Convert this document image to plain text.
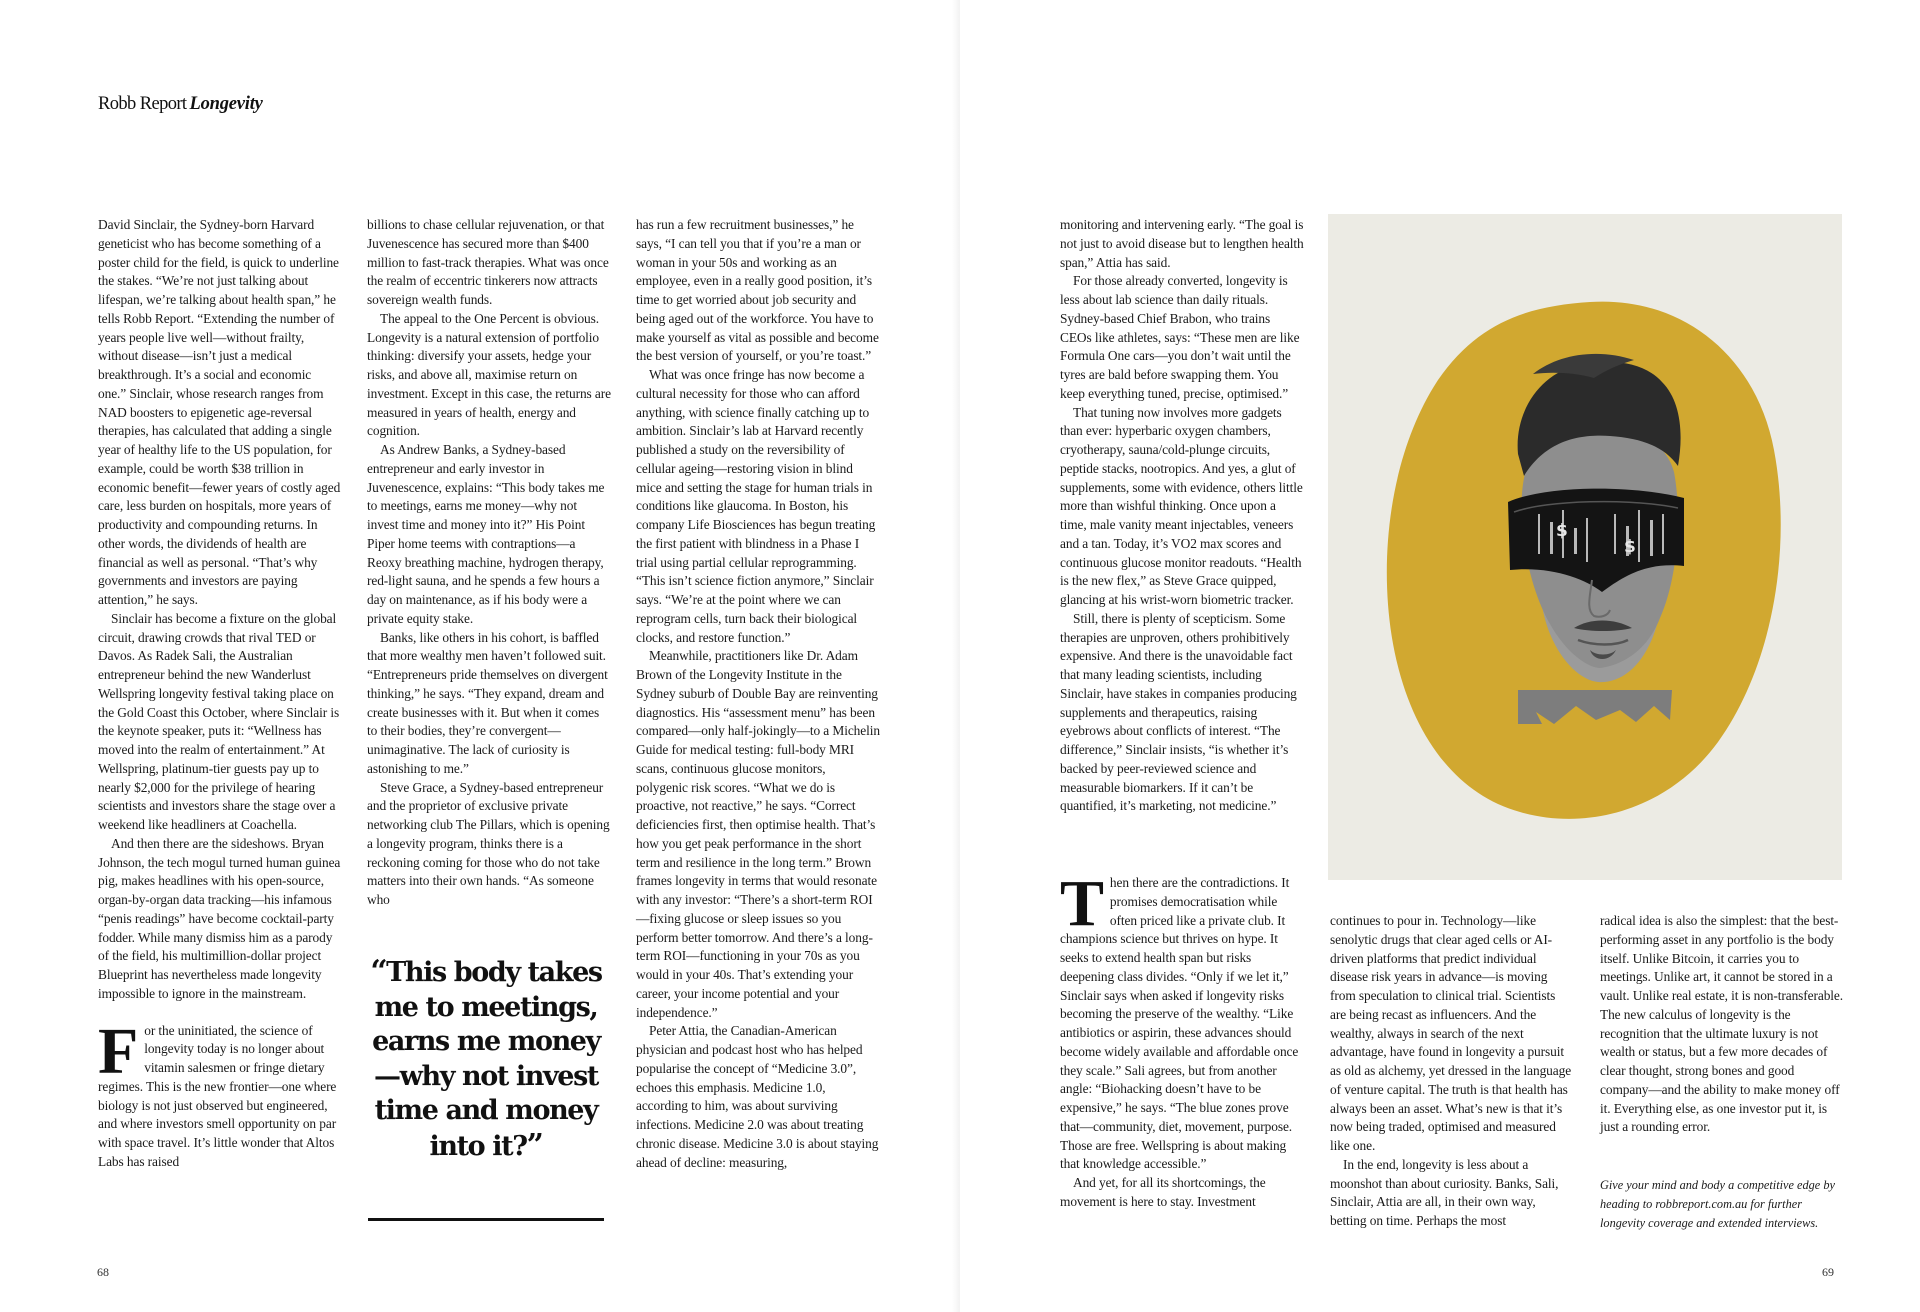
Robb Report Longevity

David Sinclair, the Sydney-born Harvard geneticist who has become something of a poster child for the field, is quick to underline the stakes. “We’re not just talking about lifespan, we’re talking about health span,” he tells Robb Report. “Extending the number of years people live well—without frailty, without disease—isn’t just a medical breakthrough. It’s a social and economic one.” Sinclair, whose research ranges from NAD boosters to epigenetic age-reversal therapies, has calculated that adding a single year of healthy life to the US population, for example, could be worth $38 trillion in economic benefit—fewer years of costly aged care, less burden on hospitals, more years of productivity and compounding returns. In other words, the dividends of health are financial as well as personal. “That’s why governments and investors are paying attention,” he says.

Sinclair has become a fixture on the global circuit, drawing crowds that rival TED or Davos. As Radek Sali, the Australian entrepreneur behind the new Wanderlust Wellspring longevity festival taking place on the Gold Coast this October, where Sinclair is the keynote speaker, puts it: “Wellness has moved into the realm of entertainment.” At Wellspring, platinum-tier guests pay up to nearly $2,000 for the privilege of hearing scientists and investors share the stage over a weekend like headliners at Coachella.

And then there are the sideshows. Bryan Johnson, the tech mogul turned human guinea pig, makes headlines with his open-source, organ-by-organ data tracking—his infamous “penis readings” have become cocktail-party fodder. While many dismiss him as a parody of the field, his multimillion-dollar project Blueprint has nevertheless made longevity impossible to ignore in the mainstream.

For the uninitiated, the science of longevity today is no longer about vitamin salesmen or fringe dietary regimes. This is the new frontier—one where biology is not just observed but engineered, and where investors smell opportunity on par with space travel. It’s little wonder that Altos Labs has raised

billions to chase cellular rejuvenation, or that Juvenescence has secured more than $400 million to fast-track therapies. What was once the realm of eccentric tinkerers now attracts sovereign wealth funds.

The appeal to the One Percent is obvious. Longevity is a natural extension of portfolio thinking: diversify your assets, hedge your risks, and above all, maximise return on investment. Except in this case, the returns are measured in years of health, energy and cognition.

As Andrew Banks, a Sydney-based entrepreneur and early investor in Juvenescence, explains: “This body takes me to meetings, earns me money—why not invest time and money into it?” His Point Piper home teems with contraptions—a Reoxy breathing machine, hydrogen therapy, red-light sauna, and he spends a few hours a day on maintenance, as if his body were a private equity stake.

Banks, like others in his cohort, is baffled that more wealthy men haven’t followed suit. “Entrepreneurs pride themselves on divergent thinking,” he says. “They expand, dream and create businesses with it. But when it comes to their bodies, they’re convergent—unimaginative. The lack of curiosity is astonishing to me.”

Steve Grace, a Sydney-based entrepreneur and the proprietor of exclusive private networking club The Pillars, which is opening a longevity program, thinks there is a reckoning coming for those who do not take matters into their own hands. “As someone who

“This body takes me to meetings, earns me money—why not invest time and money into it?”

has run a few recruitment businesses,” he says, “I can tell you that if you’re a man or woman in your 50s and working as an employee, even in a really good position, it’s time to get worried about job security and being aged out of the workforce. You have to make yourself as vital as possible and become the best version of yourself, or you’re toast.”

What was once fringe has now become a cultural necessity for those who can afford anything, with science finally catching up to ambition. Sinclair’s lab at Harvard recently published a study on the reversibility of cellular ageing—restoring vision in blind mice and setting the stage for human trials in conditions like glaucoma. In Boston, his company Life Biosciences has begun treating the first patient with blindness in a Phase I trial using partial cellular reprogramming. “This isn’t science fiction anymore,” Sinclair says. “We’re at the point where we can reprogram cells, turn back their biological clocks, and restore function.”

Meanwhile, practitioners like Dr. Adam Brown of the Longevity Institute in the Sydney suburb of Double Bay are reinventing diagnostics. His “assessment menu” has been compared—only half-jokingly—to a Michelin Guide for medical testing: full-body MRI scans, continuous glucose monitors, polygenic risk scores. “What we do is proactive, not reactive,” he says. “Correct deficiencies first, then optimise health. That’s how you get peak performance in the short term and resilience in the long term.” Brown frames longevity in terms that would resonate with any investor: “There’s a short-term ROI—fixing glucose or sleep issues so you perform better tomorrow. And there’s a long-term ROI—functioning in your 70s as you would in your 40s. That’s extending your career, your income potential and your independence.”

Peter Attia, the Canadian-American physician and podcast host who has helped popularise the concept of “Medicine 3.0”, echoes this emphasis. Medicine 1.0, according to him, was about surviving infections. Medicine 2.0 was about treating chronic disease. Medicine 3.0 is about staying ahead of decline: measuring,

68	69

monitoring and intervening early. “The goal is not just to avoid disease but to lengthen health span,” Attia has said.

For those already converted, longevity is less about lab science than daily rituals. Sydney-based Chief Brabon, who trains CEOs like athletes, says: “These men are like Formula One cars—you don’t wait until the tyres are bald before swapping them. You keep everything tuned, precise, optimised.”

That tuning now involves more gadgets than ever: hyperbaric oxygen chambers, cryotherapy, sauna/cold-plunge circuits, peptide stacks, nootropics. And yes, a glut of supplements, some with evidence, others little more than wishful thinking. Once upon a time, male vanity meant injectables, veneers and a tan. Today, it’s VO2 max scores and continuous glucose monitor readouts. “Health is the new flex,” as Steve Grace quipped, glancing at his wrist-worn biometric tracker.

Still, there is plenty of scepticism. Some therapies are unproven, others prohibitively expensive. And there is the unavoidable fact that many leading scientists, including Sinclair, have stakes in companies producing supplements and therapeutics, raising eyebrows about conflicts of interest. “The difference,” Sinclair insists, “is whether it’s backed by peer-reviewed science and measurable biomarkers. If it can’t be quantified, it’s marketing, not medicine.”

Then there are the contradictions. It promises democratisation while often priced like a private club. It champions science but thrives on hype. It seeks to extend health span but risks deepening class divides. “Only if we let it,” Sinclair says when asked if longevity risks becoming the preserve of the wealthy. “Like antibiotics or aspirin, these advances should become widely available and affordable once they scale.” Sali agrees, but from another angle: “Biohacking doesn’t have to be expensive,” he says. “The blue zones prove that—community, diet, movement, purpose. Those are free. Wellspring is about making that knowledge accessible.”

And yet, for all its shortcomings, the movement is here to stay. Investment

$
$

continues to pour in. Technology—like senolytic drugs that clear aged cells or AI-driven platforms that predict individual disease risk years in advance—is moving from speculation to clinical trial. Scientists are being recast as influencers. And the wealthy, always in search of the next advantage, have found in longevity a pursuit as old as alchemy, yet dressed in the language of venture capital. The truth is that health has always been an asset. What’s new is that it’s now being traded, optimised and measured like one.

In the end, longevity is less about a moonshot than about curiosity. Banks, Sali, Sinclair, Attia are all, in their own way, betting on time. Perhaps the most

radical idea is also the simplest: that the best-performing asset in any portfolio is the body itself. Unlike Bitcoin, it carries you to meetings. Unlike art, it cannot be stored in a vault. Unlike real estate, it is non-transferable. The new calculus of longevity is the recognition that the ultimate luxury is not wealth or status, but a few more decades of clear thought, strong bones and good company—and the ability to make money off it. Everything else, as one investor put it, is just a rounding error.

Give your mind and body a competitive edge by heading to robbreport.com.au for further longevity coverage and extended interviews.
